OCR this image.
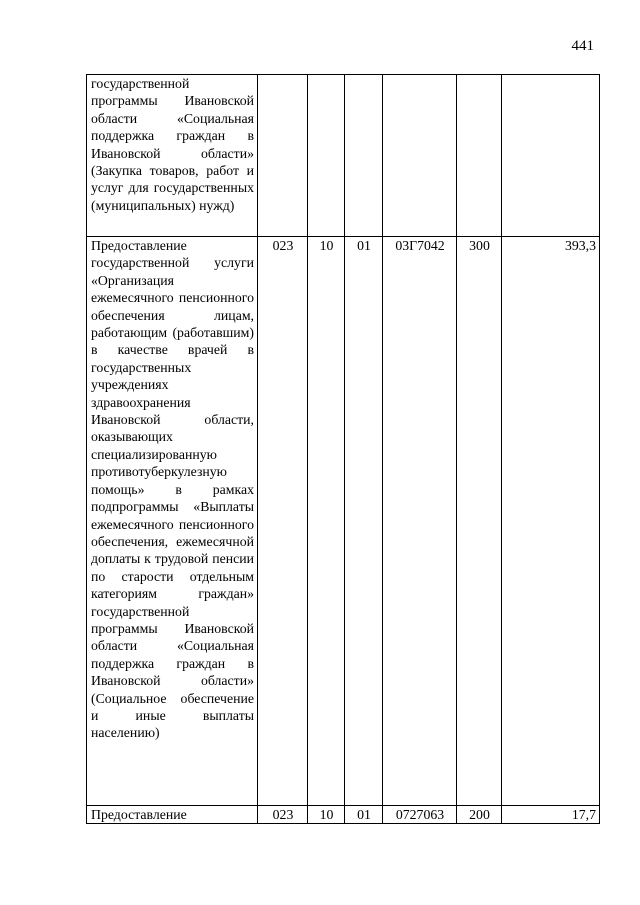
441
государственной программы Ивановской области «Социальная поддержка граждан в Ивановской области» (Закупка товаров, работ и услуг для государственных (муниципальных) нужд)						
Предоставление государственной услуги «Организация ежемесячного пенсионного обеспечения лицам, работающим (работавшим) в качестве врачей в государственных учреждениях здравоохранения Ивановской области, оказывающих специализированную противотуберкулезную помощь» в рамках подпрограммы «Выплаты ежемесячного пенсионного обеспечения, ежемесячной доплаты к трудовой пенсии по старости отдельным категориям граждан» государственной программы Ивановской области «Социальная поддержка граждан в Ивановской области» (Социальное обеспечение и иные выплаты населению)	023	10	01	03Г7042	300	393,3
Предоставление	023	10	01	0727063	200	17,7
